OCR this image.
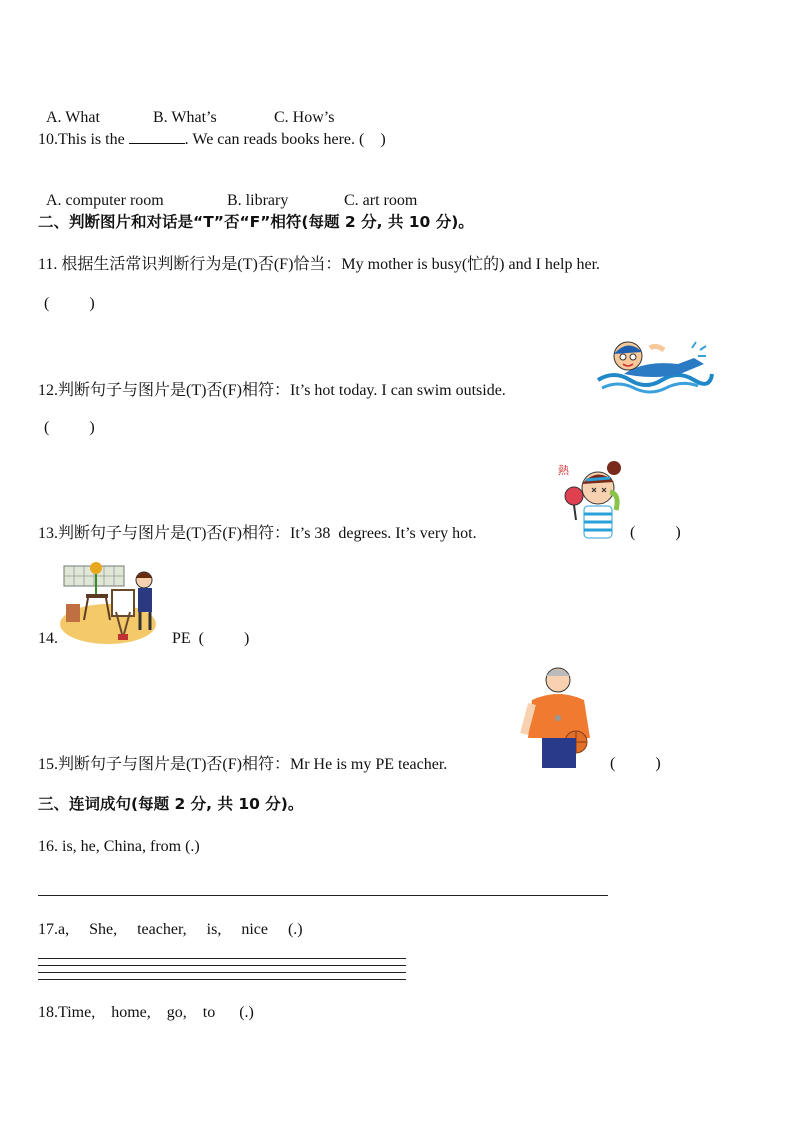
A. What	B. What’s	C. How’s

10.This is the	. We can reads books here. (    )

A. computer room	B. library	C. art room

二、判断图片和对话是“T”否“F”相符(每题 2 分, 共 10 分)。
11. 根据生活常识判断行为是(T)否(F)恰当：My mother is busy(忙的) and I help her.
(          )
12.判断句子与图片是(T)否(F)相符：It’s hot today. I can swim outside.
(          )
熱
13.判断句子与图片是(T)否(F)相符：It’s 38  degrees. It’s very hot.	(          )
14.	PE  (          )
15.判断句子与图片是(T)否(F)相符：Mr He is my PE teacher.	(          )
三、连词成句(每题 2 分, 共 10 分)。
16. is, he, China, from (.)
17.a,     She,     teacher,     is,     nice     (.)
18.Time,    home,    go,    to      (.)
